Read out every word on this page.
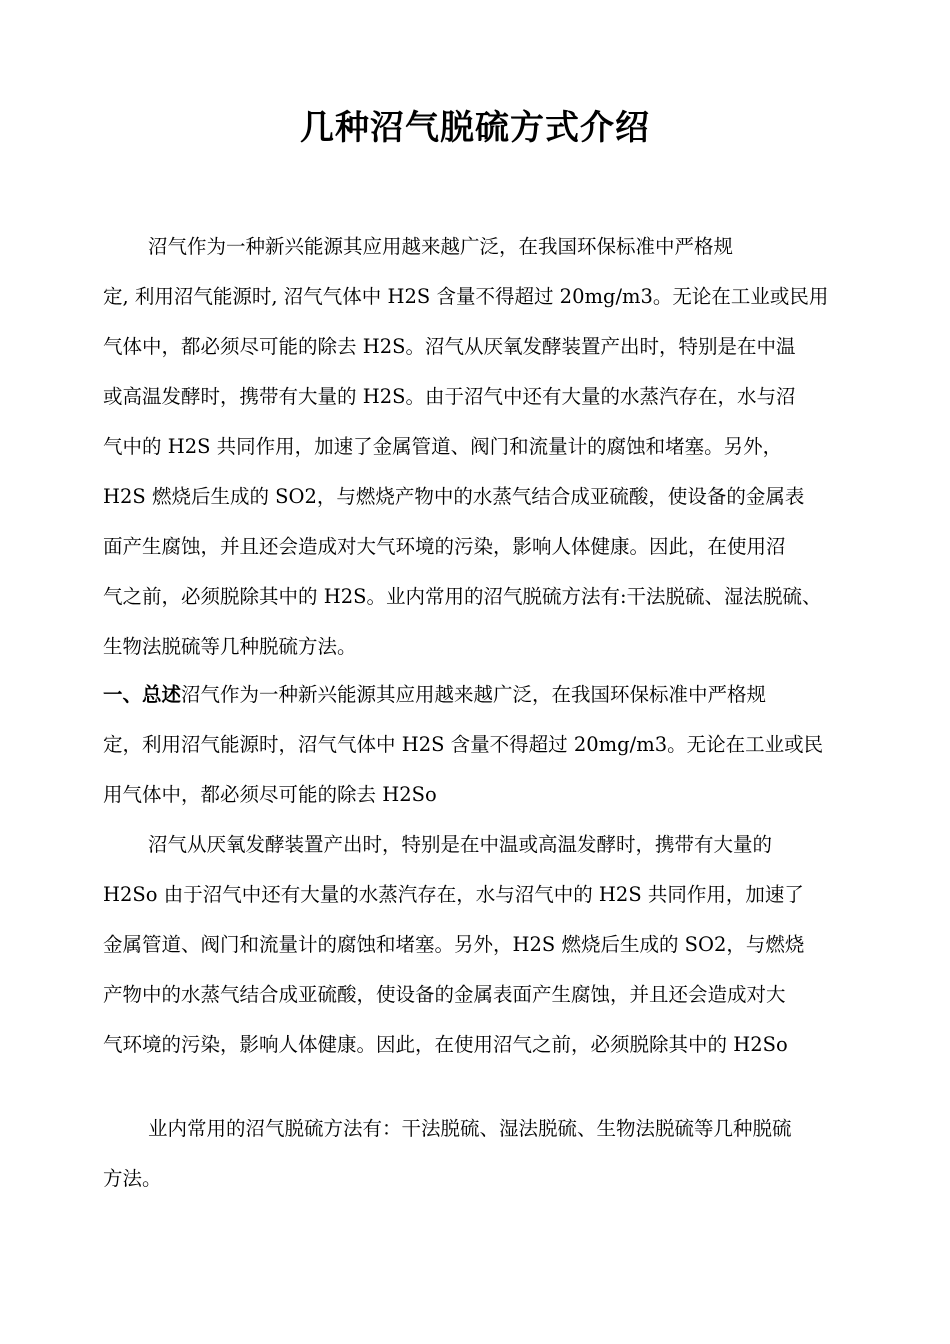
几种沼气脱硫方式介绍
沼气作为一种新兴能源其应用越来越广泛，在我国环保标准中严格规
定, 利用沼气能源时, 沼气气体中 H2S 含量不得超过 20mg/m3。无论在工业或民用
气体中，都必须尽可能的除去 H2S。沼气从厌氧发酵装置产出时，特别是在中温
或高温发酵时，携带有大量的 H2S。由于沼气中还有大量的水蒸汽存在，水与沼
气中的 H2S 共同作用，加速了金属管道、阀门和流量计的腐蚀和堵塞。另外，
H2S 燃烧后生成的 SO2，与燃烧产物中的水蒸气结合成亚硫酸，使设备的金属表
面产生腐蚀，并且还会造成对大气环境的污染，影响人体健康。因此，在使用沼
气之前，必须脱除其中的 H2S。业内常用的沼气脱硫方法有:干法脱硫、湿法脱硫、
生物法脱硫等几种脱硫方法。
一、总述沼气作为一种新兴能源其应用越来越广泛，在我国环保标准中严格规
定，利用沼气能源时，沼气气体中 H2S 含量不得超过 20mg/m3。无论在工业或民
用气体中，都必须尽可能的除去 H2So
沼气从厌氧发酵装置产出时，特别是在中温或高温发酵时，携带有大量的
H2So 由于沼气中还有大量的水蒸汽存在，水与沼气中的 H2S 共同作用，加速了
金属管道、阀门和流量计的腐蚀和堵塞。另外，H2S 燃烧后生成的 SO2，与燃烧
产物中的水蒸气结合成亚硫酸，使设备的金属表面产生腐蚀，并且还会造成对大
气环境的污染，影响人体健康。因此，在使用沼气之前，必须脱除其中的 H2So
业内常用的沼气脱硫方法有：干法脱硫、湿法脱硫、生物法脱硫等几种脱硫
方法。
